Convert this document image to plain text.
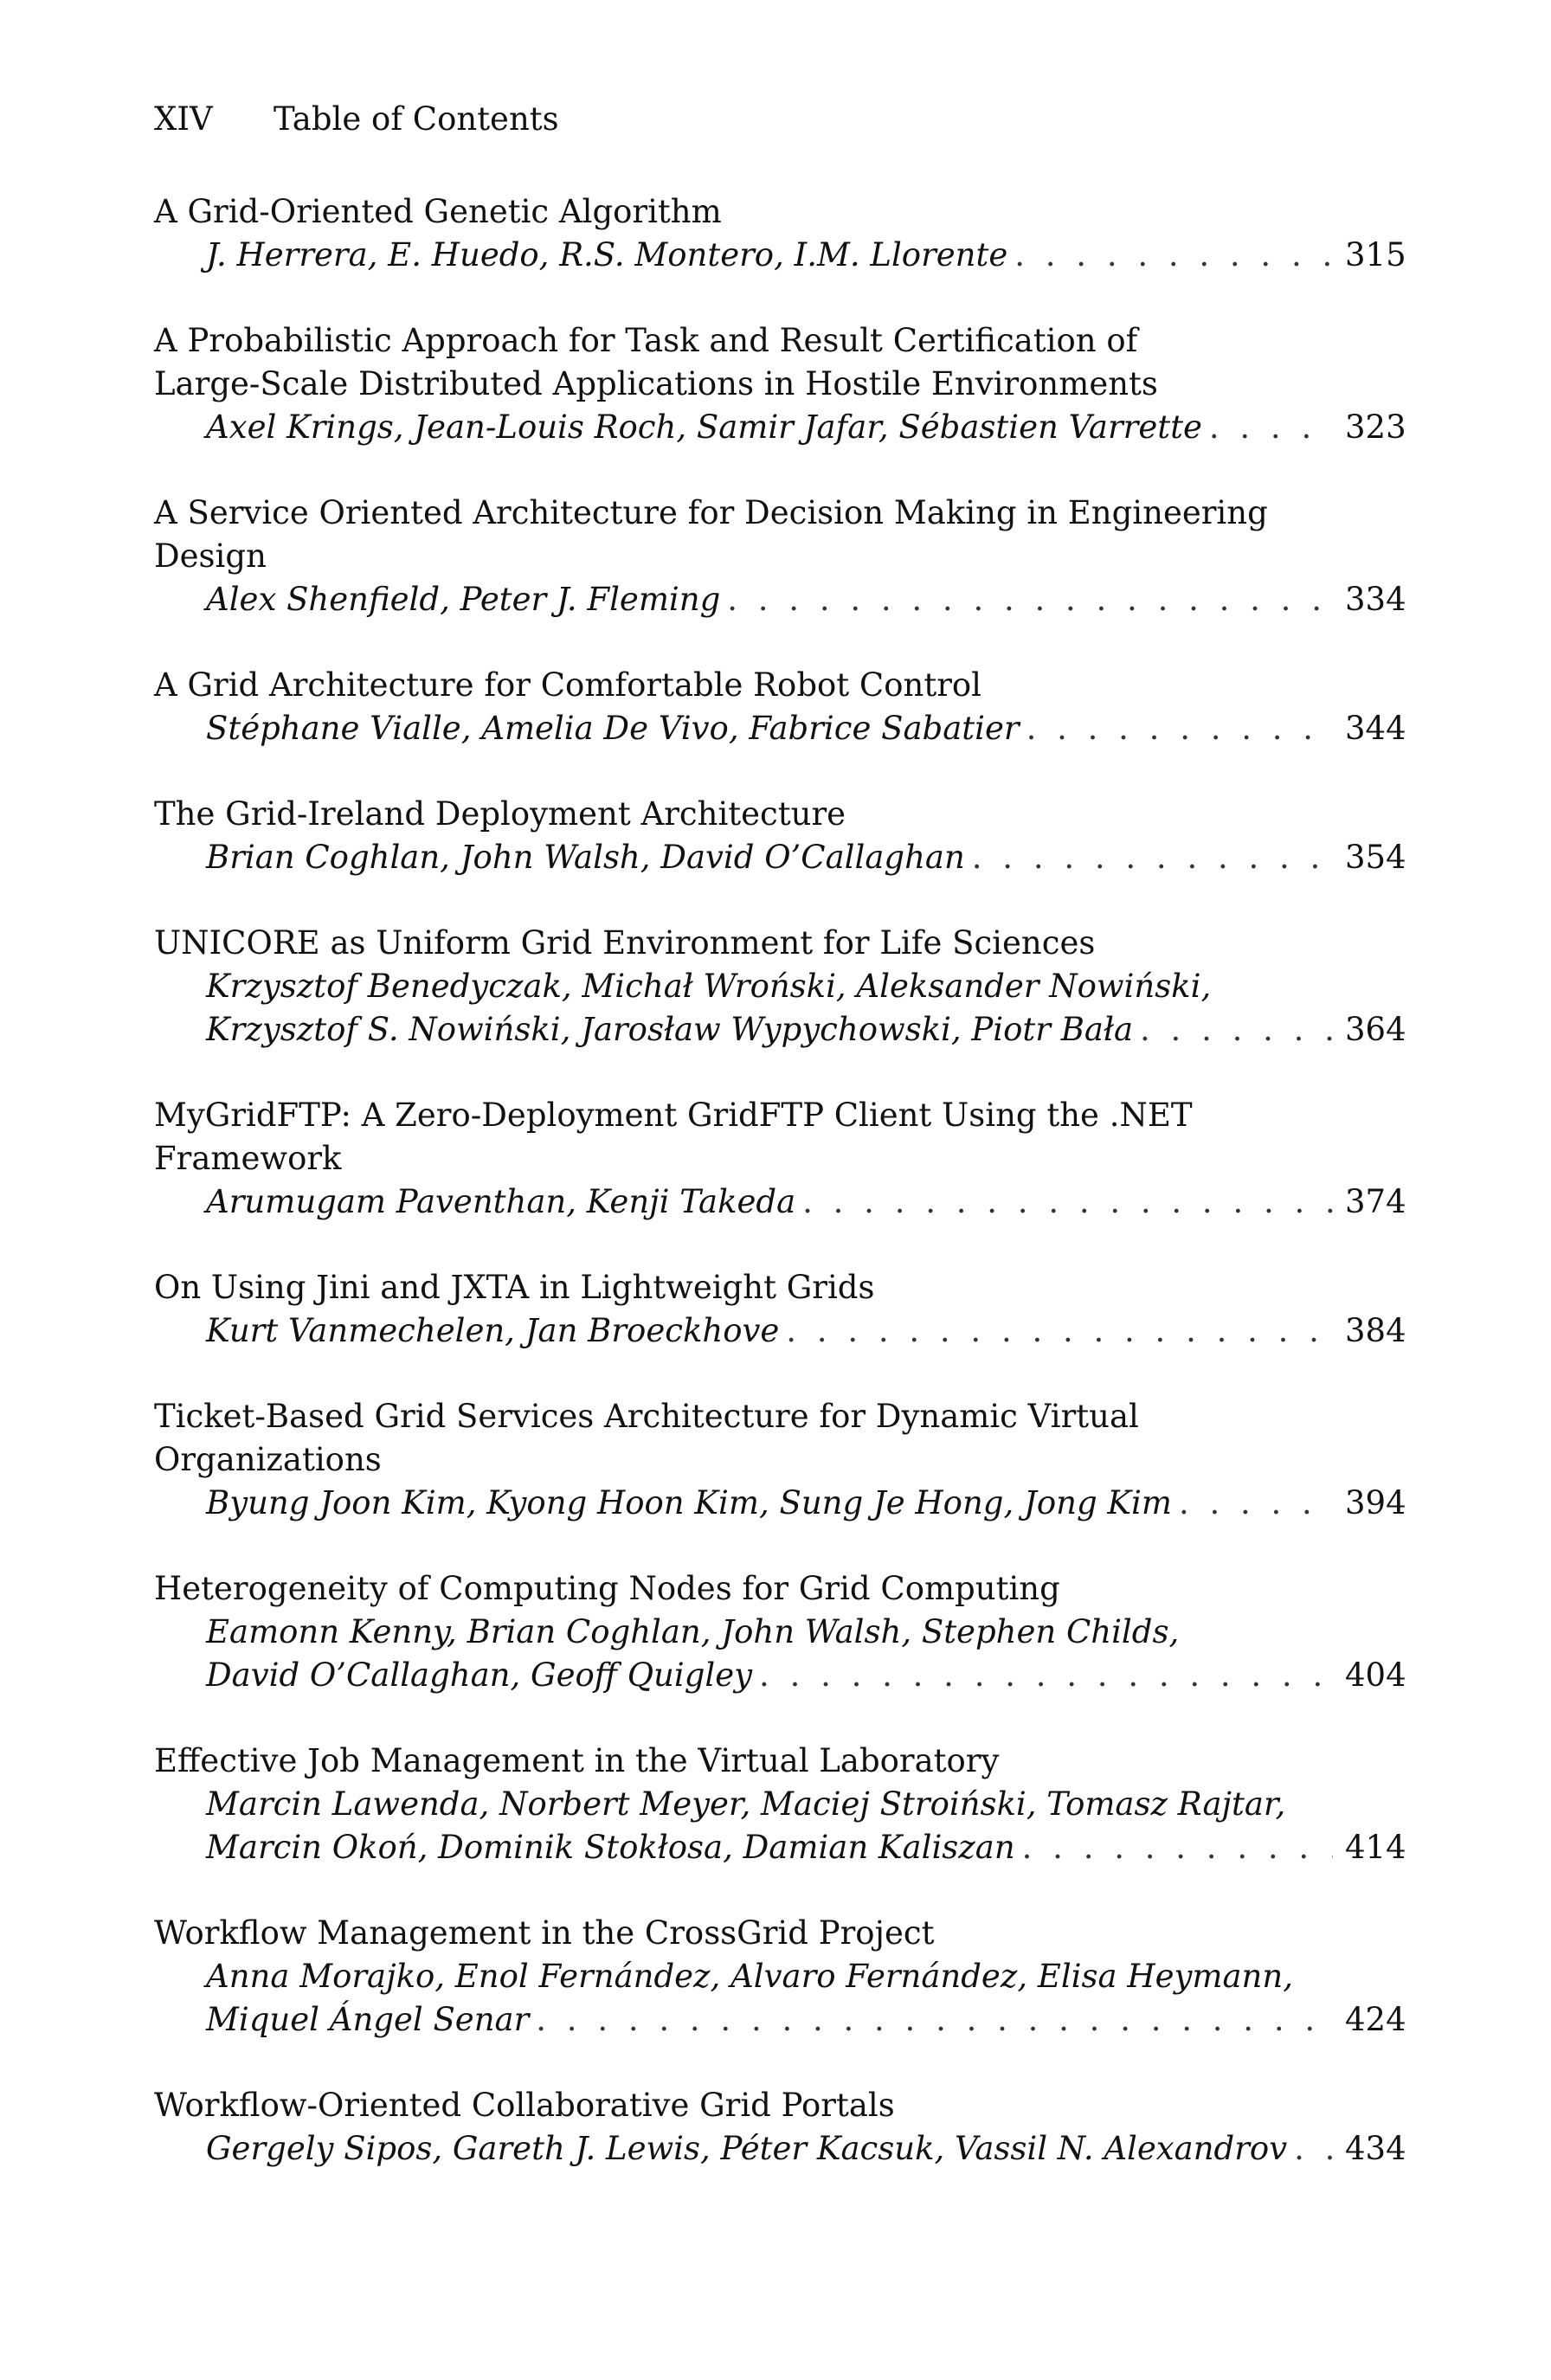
XIV Table of Contents
A Grid-Oriented Genetic Algorithm
J. Herrera, E. Huedo, R.S. Montero, I.M. Llorente . . .	315
A Probabilistic Approach for Task and Result Certification of
Large-Scale Distributed Applications in Hostile Environments
Axel Krings, Jean-Louis Roch, Samir Jafar, Sébastien Varrette . . .	323
A Service Oriented Architecture for Decision Making in Engineering
Design
Alex Shenfield, Peter J. Fleming . . .	334
A Grid Architecture for Comfortable Robot Control
Stéphane Vialle, Amelia De Vivo, Fabrice Sabatier . . .	344
The Grid-Ireland Deployment Architecture
Brian Coghlan, John Walsh, David O’Callaghan . . .	354
UNICORE as Uniform Grid Environment for Life Sciences
Krzysztof Benedyczak, Michał Wroński, Aleksander Nowiński,
Krzysztof S. Nowiński, Jarosław Wypychowski, Piotr Bała . . .	364
MyGridFTP: A Zero-Deployment GridFTP Client Using the .NET
Framework
Arumugam Paventhan, Kenji Takeda . . .	374
On Using Jini and JXTA in Lightweight Grids
Kurt Vanmechelen, Jan Broeckhove . . .	384
Ticket-Based Grid Services Architecture for Dynamic Virtual
Organizations
Byung Joon Kim, Kyong Hoon Kim, Sung Je Hong, Jong Kim . . .	394
Heterogeneity of Computing Nodes for Grid Computing
Eamonn Kenny, Brian Coghlan, John Walsh, Stephen Childs,
David O’Callaghan, Geoff Quigley . . .	404
Effective Job Management in the Virtual Laboratory
Marcin Lawenda, Norbert Meyer, Maciej Stroiński, Tomasz Rajtar,
Marcin Okoń, Dominik Stokłosa, Damian Kaliszan . . .	414
Workflow Management in the CrossGrid Project
Anna Morajko, Enol Fernández, Alvaro Fernández, Elisa Heymann,
Miquel Ángel Senar . . .	424
Workflow-Oriented Collaborative Grid Portals
Gergely Sipos, Gareth J. Lewis, Péter Kacsuk, Vassil N. Alexandrov . . . 434
